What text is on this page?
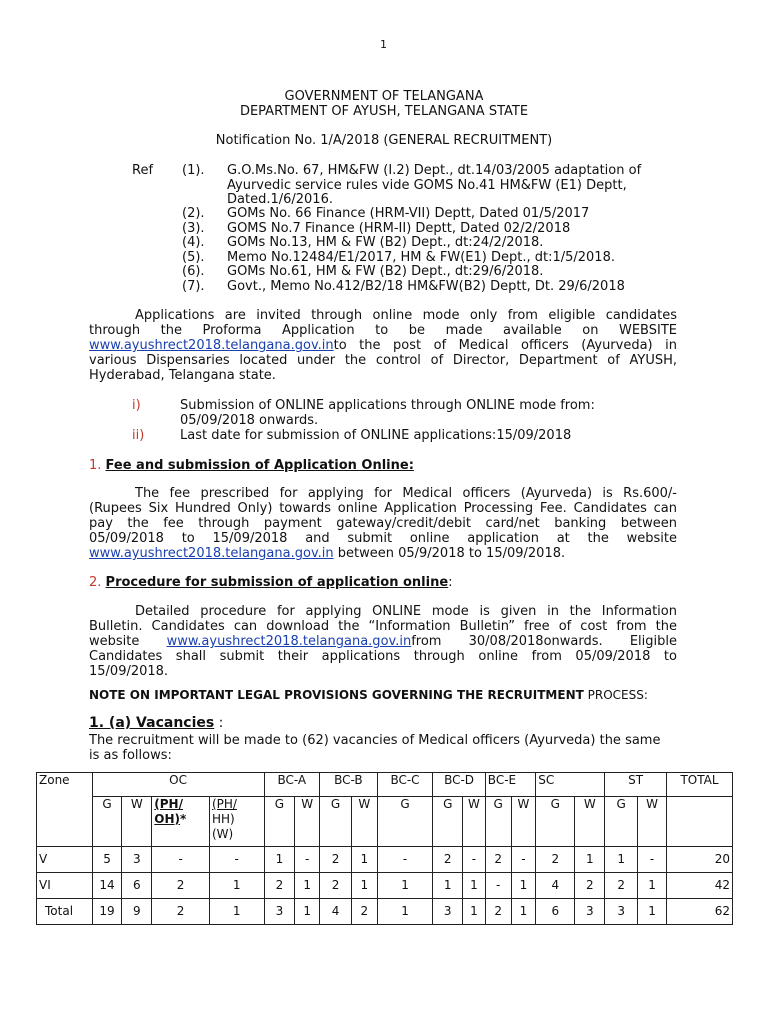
1
GOVERNMENT OF TELANGANA
DEPARTMENT OF AYUSH, TELANGANA STATE
Notification No. 1/A/2018 (GENERAL RECRUITMENT)
Ref (1). G.O.Ms.No. 67, HM&FW (I.2) Dept., dt.14/03/2005 adaptation of
Ayurvedic service rules vide GOMS No.41 HM&FW (E1) Deptt,
Dated.1/6/2016.
(2). GOMs No. 66 Finance (HRM-VII) Deptt, Dated 01/5/2017
(3). GOMS No.7 Finance (HRM-II) Deptt, Dated 02/2/2018
(4). GOMs No.13, HM & FW (B2) Dept., dt:24/2/2018.
(5). Memo No.12484/E1/2017, HM & FW(E1) Dept., dt:1/5/2018.
(6). GOMs No.61, HM & FW (B2) Dept., dt:29/6/2018.
(7). Govt., Memo No.412/B2/18 HM&FW(B2) Deptt, Dt. 29/6/2018
Applications are invited through online mode only from eligible candidates
through the Proforma Application to be made available on WEBSITE
www.ayushrect2018.telangana.gov.into the post of Medical officers (Ayurveda) in
various Dispensaries located under the control of Director, Department of AYUSH,
Hyderabad, Telangana state.
i)	Submission of ONLINE applications through ONLINE mode from:
05/09/2018 onwards.
ii)	Last date for submission of ONLINE applications:15/09/2018
1. Fee and submission of Application Online:
The fee prescribed for applying for Medical officers (Ayurveda) is Rs.600/-
(Rupees Six Hundred Only) towards online Application Processing Fee. Candidates can
pay the fee through payment gateway/credit/debit card/net banking between
05/09/2018 to 15/09/2018 and submit online application at the website
www.ayushrect2018.telangana.gov.in between 05/9/2018 to 15/09/2018.
2. Procedure for submission of application online:
Detailed procedure for applying ONLINE mode is given in the Information
Bulletin. Candidates can download the “Information Bulletin” free of cost from the
website www.ayushrect2018.telangana.gov.infrom 30/08/2018onwards. Eligible
Candidates shall submit their applications through online from 05/09/2018 to
15/09/2018.
NOTE ON IMPORTANT LEGAL PROVISIONS GOVERNING THE RECRUITMENT PROCESS:
1. (a) Vacancies :
The recruitment will be made to (62) vacancies of Medical officers (Ayurveda) the same
is as follows:
Zone	OC				BC-A		BC-B		BC-C	BC-D		BC-E		SC		ST		TOTAL
	G	W	(PH/
OH)*	(PH/
HH)
(W)	G	W	G	W	G	G	W	G	W	G	W	G	W	
V	5	3	-	-	1	-	2	1	-	2	-	2	-	2	1	1	-	20
VI	14	6	2	1	2	1	2	1	1	1	1	-	1	4	2	2	1	42
Total	19	9	2	1	3	1	4	2	1	3	1	2	1	6	3	3	1	62
